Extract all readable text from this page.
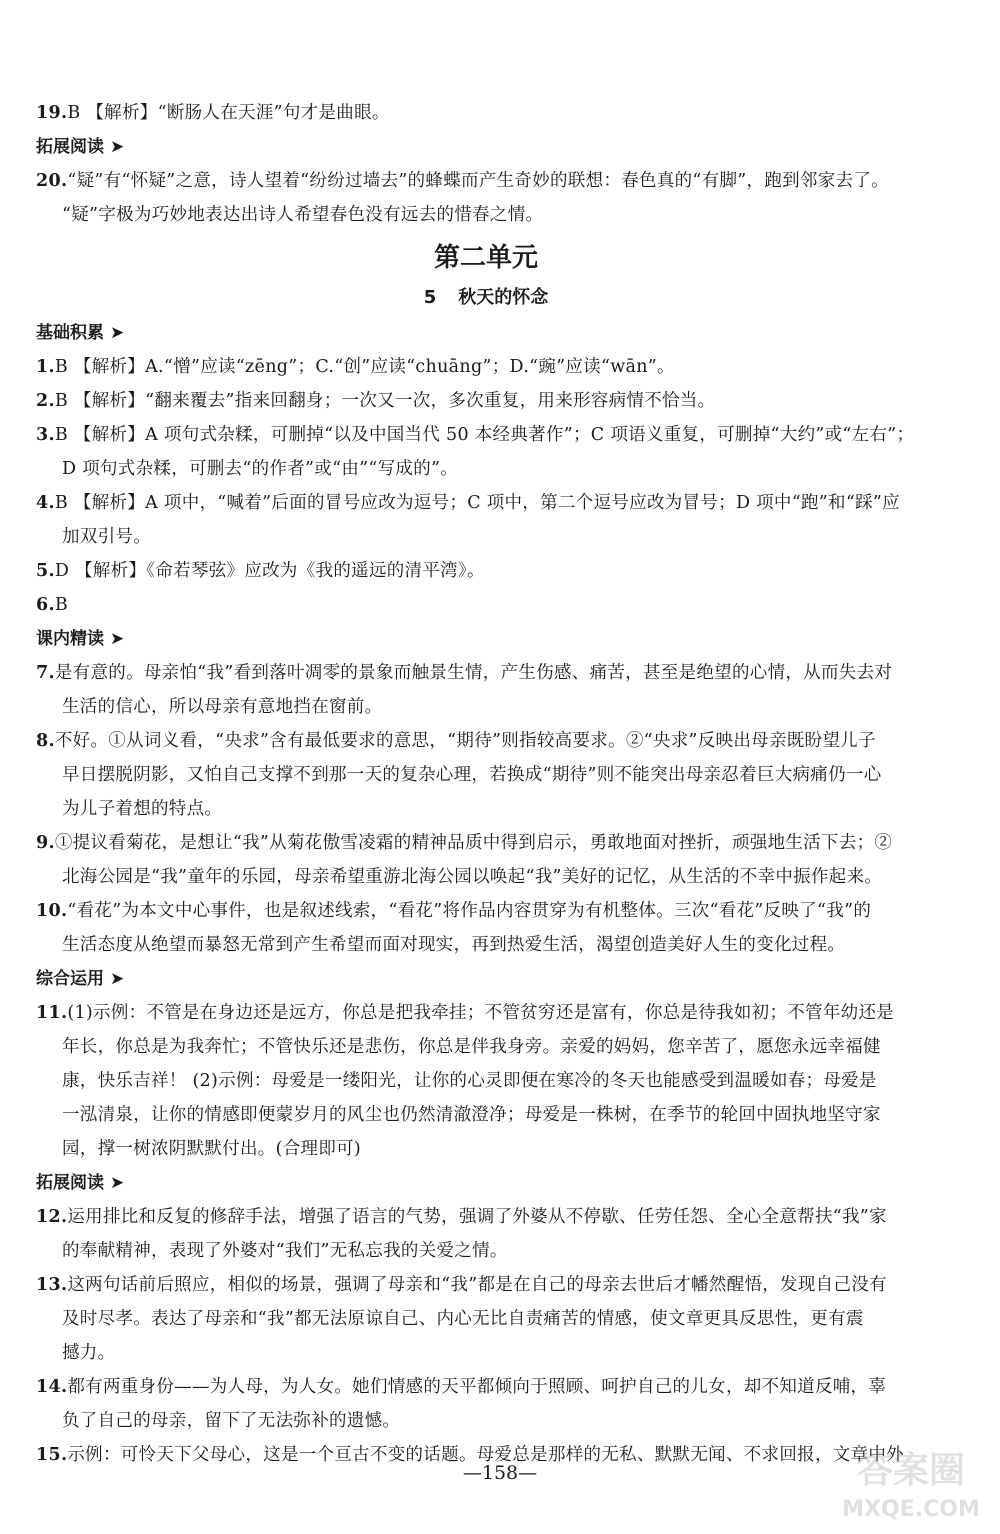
19.B 【解析】“断肠人在天涯”句才是曲眼。
拓展阅读 ➤
20.“疑”有“怀疑”之意，诗人望着“纷纷过墙去”的蜂蝶而产生奇妙的联想：春色真的“有脚”，跑到邻家去了。
“疑”字极为巧妙地表达出诗人希望春色没有远去的惜春之情。
第二单元
5 秋天的怀念
基础积累 ➤
1.B 【解析】A.“憎”应读“zēng”；C.“创”应读“chuāng”；D.“豌”应读“wān”。
2.B 【解析】“翻来覆去”指来回翻身；一次又一次，多次重复，用来形容病情不恰当。
3.B 【解析】A 项句式杂糅，可删掉“以及中国当代 50 本经典著作”；C 项语义重复，可删掉“大约”或“左右”；
D 项句式杂糅，可删去“的作者”或“由”“写成的”。
4.B 【解析】A 项中，“喊着”后面的冒号应改为逗号；C 项中，第二个逗号应改为冒号；D 项中“跑”和“踩”应
加双引号。
5.D 【解析】《命若琴弦》应改为《我的遥远的清平湾》。
6.B
课内精读 ➤
7.是有意的。母亲怕“我”看到落叶凋零的景象而触景生情，产生伤感、痛苦，甚至是绝望的心情，从而失去对
生活的信心，所以母亲有意地挡在窗前。
8.不好。①从词义看，“央求”含有最低要求的意思，“期待”则指较高要求。②“央求”反映出母亲既盼望儿子
早日摆脱阴影，又怕自己支撑不到那一天的复杂心理，若换成“期待”则不能突出母亲忍着巨大病痛仍一心
为儿子着想的特点。
9.①提议看菊花，是想让“我”从菊花傲雪凌霜的精神品质中得到启示，勇敢地面对挫折，顽强地生活下去；②
北海公园是“我”童年的乐园，母亲希望重游北海公园以唤起“我”美好的记忆，从生活的不幸中振作起来。
10.“看花”为本文中心事件，也是叙述线索，“看花”将作品内容贯穿为有机整体。三次“看花”反映了“我”的
生活态度从绝望而暴怒无常到产生希望而面对现实，再到热爱生活，渴望创造美好人生的变化过程。
综合运用 ➤
11.(1)示例：不管是在身边还是远方，你总是把我牵挂；不管贫穷还是富有，你总是待我如初；不管年幼还是
年长，你总是为我奔忙；不管快乐还是悲伤，你总是伴我身旁。亲爱的妈妈，您辛苦了，愿您永远幸福健
康，快乐吉祥！ (2)示例：母爱是一缕阳光，让你的心灵即便在寒冷的冬天也能感受到温暖如春；母爱是
一泓清泉，让你的情感即便蒙岁月的风尘也仍然清澈澄净；母爱是一株树，在季节的轮回中固执地坚守家
园，撑一树浓阴默默付出。(合理即可)
拓展阅读 ➤
12.运用排比和反复的修辞手法，增强了语言的气势，强调了外婆从不停歇、任劳任怨、全心全意帮扶“我”家
的奉献精神，表现了外婆对“我们”无私忘我的关爱之情。
13.这两句话前后照应，相似的场景，强调了母亲和“我”都是在自己的母亲去世后才幡然醒悟，发现自己没有
及时尽孝。表达了母亲和“我”都无法原谅自己、内心无比自责痛苦的情感，使文章更具反思性，更有震
撼力。
14.都有两重身份——为人母，为人女。她们情感的天平都倾向于照顾、呵护自己的儿女，却不知道反哺，辜
负了自己的母亲，留下了无法弥补的遗憾。
15.示例：可怜天下父母心，这是一个亘古不变的话题。母爱总是那样的无私、默默无闻、不求回报，文章中外
—158—	答案圈
MXQE.COM
